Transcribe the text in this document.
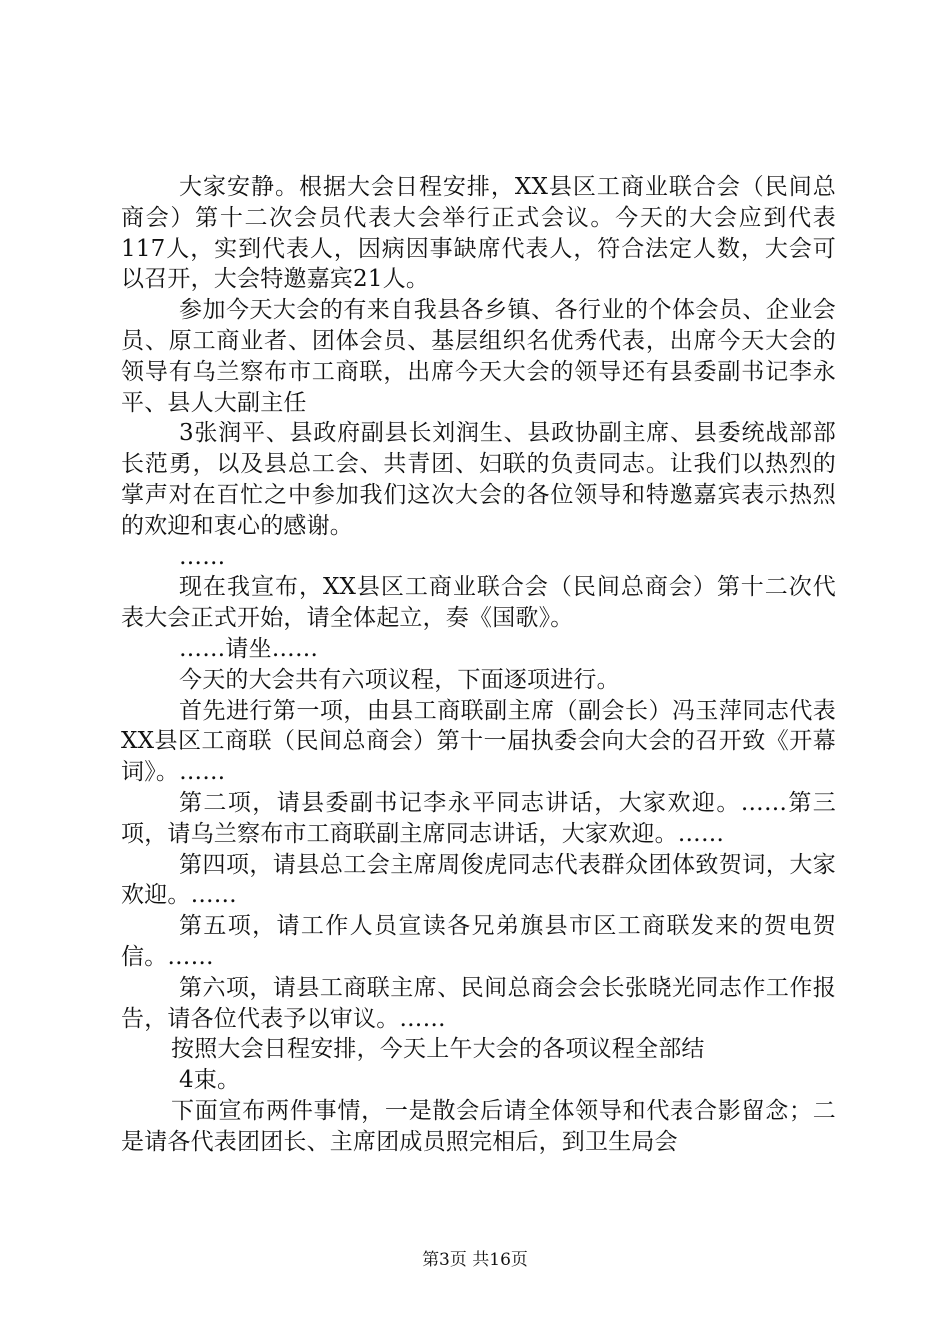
大家安静。根据大会日程安排，XX县区工商业联合会（民间总商会）第十二次会员代表大会举行正式会议。今天的大会应到代表117人，实到代表人，因病因事缺席代表人，符合法定人数，大会可以召开，大会特邀嘉宾21人。

参加今天大会的有来自我县各乡镇、各行业的个体会员、企业会员、原工商业者、团体会员、基层组织名优秀代表，出席今天大会的领导有乌兰察布市工商联，出席今天大会的领导还有县委副书记李永平、县人大副主任

3张润平、县政府副县长刘润生、县政协副主席、县委统战部部长范勇，以及县总工会、共青团、妇联的负责同志。让我们以热烈的掌声对在百忙之中参加我们这次大会的各位领导和特邀嘉宾表示热烈的欢迎和衷心的感谢。

……

现在我宣布，XX县区工商业联合会（民间总商会）第十二次代表大会正式开始，请全体起立，奏《国歌》。

……请坐……

今天的大会共有六项议程，下面逐项进行。

首先进行第一项，由县工商联副主席（副会长）冯玉萍同志代表XX县区工商联（民间总商会）第十一届执委会向大会的召开致《开幕词》。……

第二项，请县委副书记李永平同志讲话，大家欢迎。……第三项，请乌兰察布市工商联副主席同志讲话，大家欢迎。……

第四项，请县总工会主席周俊虎同志代表群众团体致贺词，大家欢迎。……

第五项，请工作人员宣读各兄弟旗县市区工商联发来的贺电贺信。……

第六项，请县工商联主席、民间总商会会长张晓光同志作工作报告，请各位代表予以审议。……

按照大会日程安排，今天上午大会的各项议程全部结

4束。

下面宣布两件事情，一是散会后请全体领导和代表合影留念；二是请各代表团团长、主席团成员照完相后，到卫生局会

第3页 共16页
